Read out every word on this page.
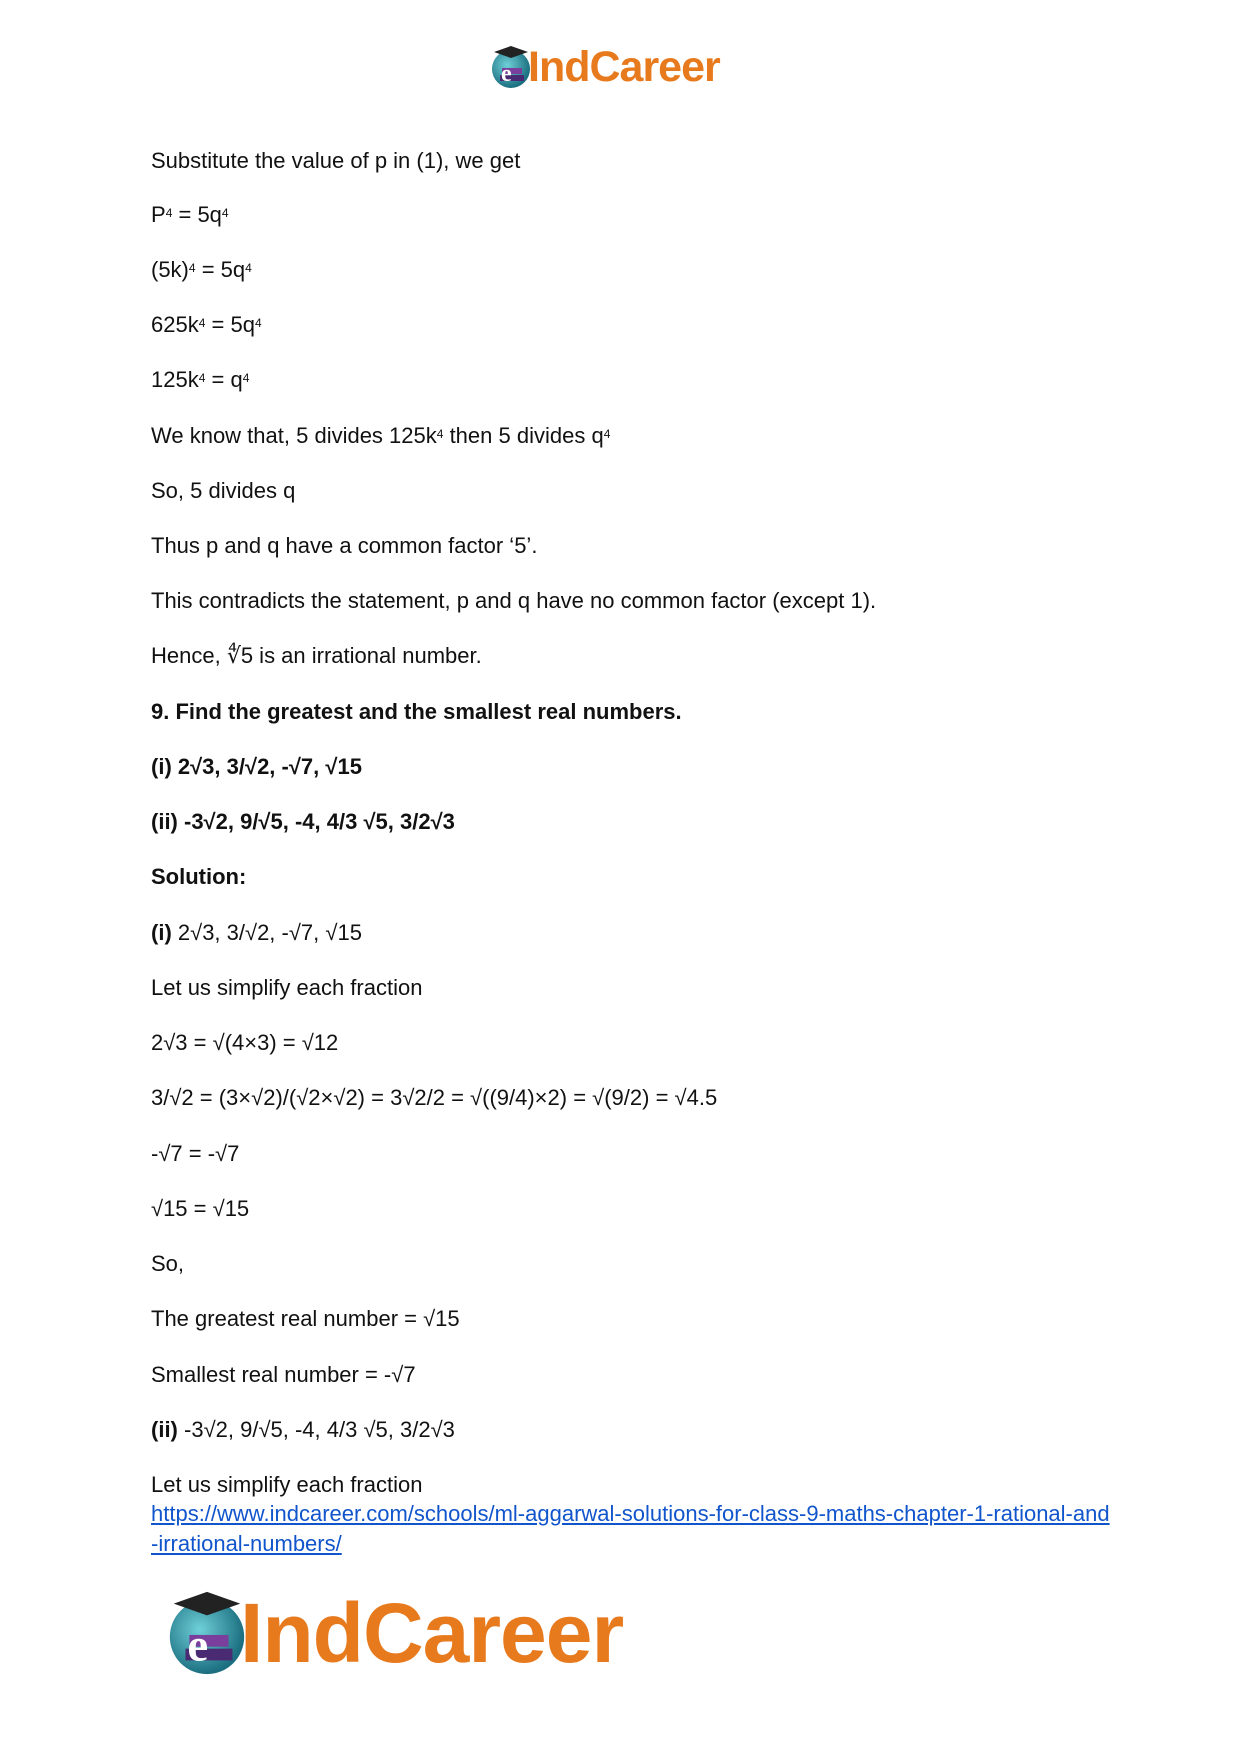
e IndCareer
Substitute the value of p in (1), we get
$P^4 = 5q^4$
$(5k)^4 = 5q^4$
$625k^4 = 5q^4$
$125k^4 = q^4$
We know that, 5 divides $125k^4$ then 5 divides $q^4$
So, 5 divides q
Thus p and q have a common factor ‘5’.
This contradicts the statement, p and q have no common factor (except 1).
Hence, ∜5 is an irrational number.
9. Find the greatest and the smallest real numbers.
(i) 2√3, 3/√2, -√7, √15
(ii) -3√2, 9/√5, -4, 4/3 √5, 3/2√3
Solution:
(i) 2√3, 3/√2, -√7, √15
Let us simplify each fraction
2√3 = √(4×3) = √12
3/√2 = (3×√2)/(√2×√2) = 3√2/2 = √((9/4)×2) = √(9/2) = √4.5
-√7 = -√7
√15 = √15
So,
The greatest real number = √15
Smallest real number = -√7
(ii) -3√2, 9/√5, -4, 4/3 √5, 3/2√3
Let us simplify each fraction
https://www.indcareer.com/schools/ml-aggarwal-solutions-for-class-9-maths-chapter-1-rational-and-irrational-numbers/
e IndCareer
